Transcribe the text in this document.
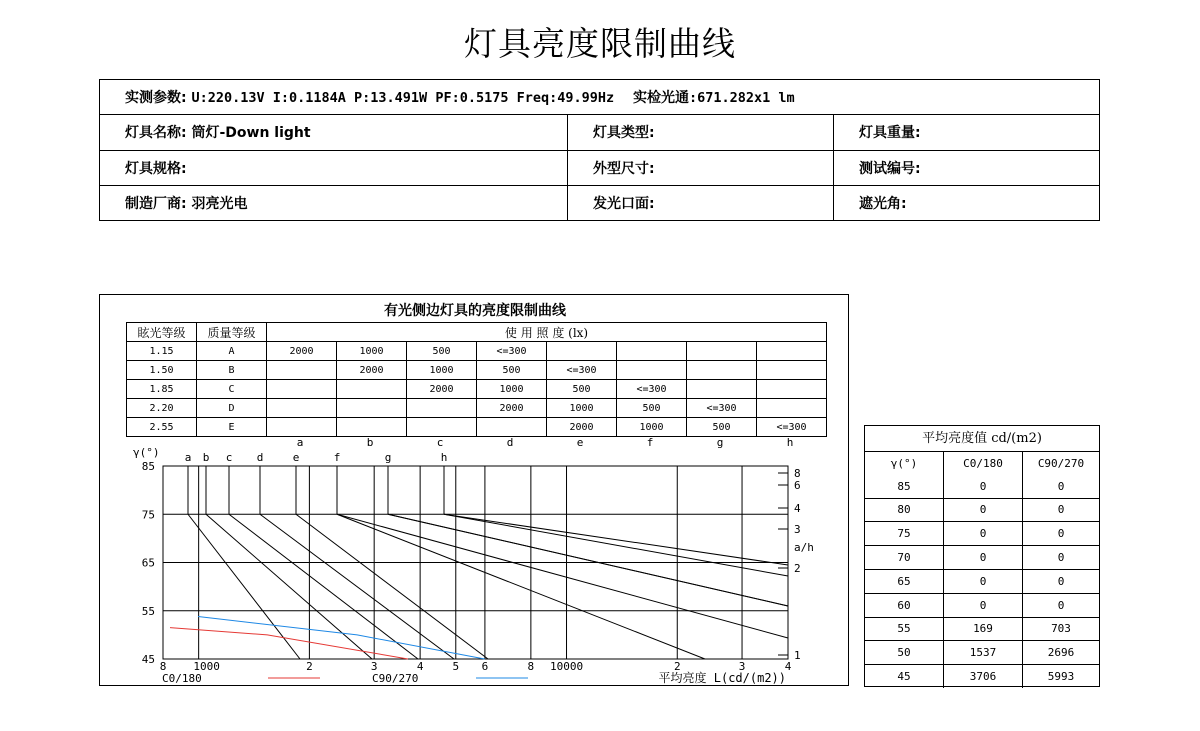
灯具亮度限制曲线
实测参数: U:220.13V I:0.1184A P:13.491W PF:0.5175 Freq:49.99Hz 实检光通:671.282x1 lm		
灯具名称: 筒灯-Down light	灯具类型:	灯具重量:
灯具规格:	外型尺寸:	测试编号:
制造厂商: 羽亮光电	发光口面:	遮光角:
有光侧边灯具的亮度限制曲线
眩光等级	质量等级	使 用 照 度 (lx)							
1.15	A	2000	1000	500	<=300				
1.50	B		2000	1000	500	<=300			
1.85	C			2000	1000	500	<=300		
2.20	D				2000	1000	500	<=300	
2.55	E					2000	1000	500	<=300
a b c d	e	f	g	h
a	b	c	d	e	f	g	h
γ(°)
85
75
65
55
45
8 1000	2	3	4	5 6	8 10000	2	3	4
8
6
4
3
a/h
2
1
C0/180	C90/270	平均亮度 L(cd/(m2))
平均亮度值 cd/(m2)
γ(°)	C0/180	C90/270
85	0	0
80	0	0
75	0	0
70	0	0
65	0	0
60	0	0
55	169	703
50	1537	2696
45	3706	5993
